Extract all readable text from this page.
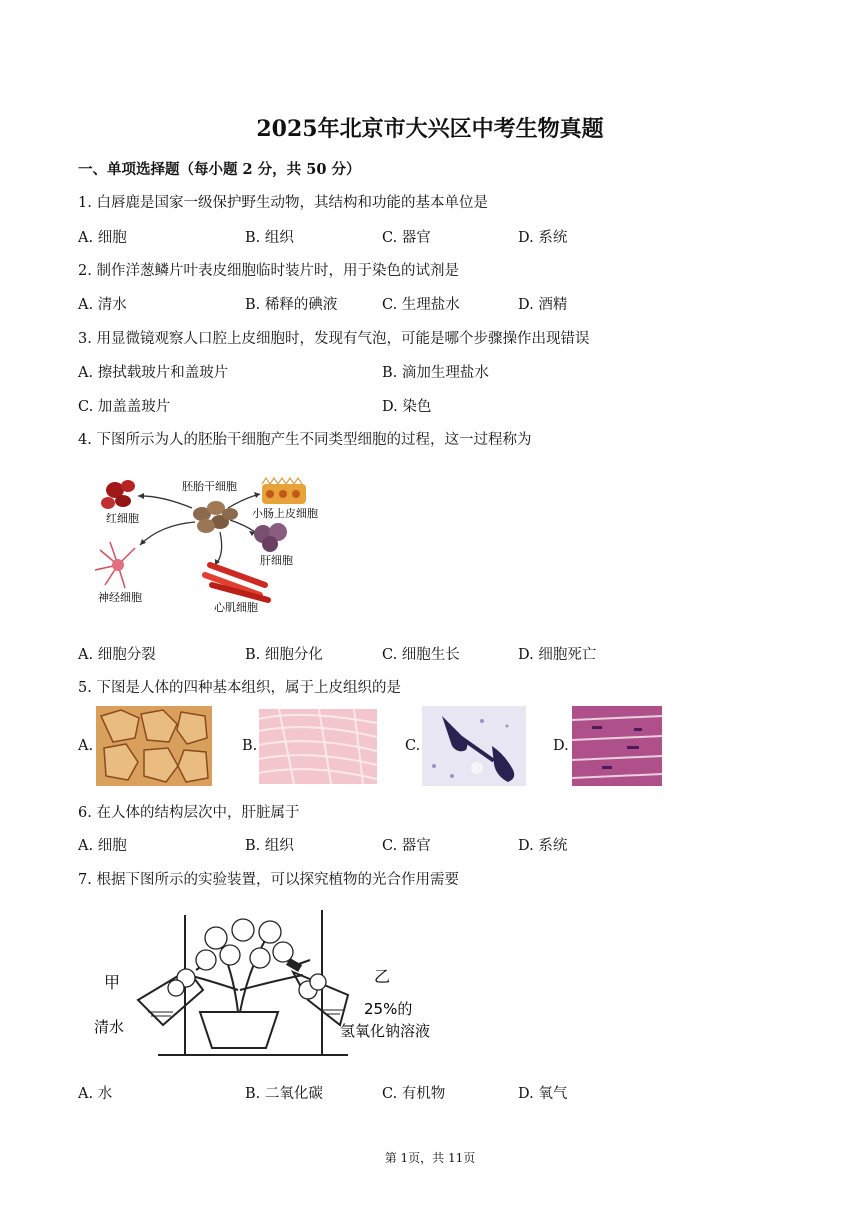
2025年北京市大兴区中考生物真题
一、单项选择题（每小题 2 分，共 50 分）
1. 白唇鹿是国家一级保护野生动物，其结构和功能的基本单位是
A. 细胞	B. 组织	C. 器官	D. 系统
2. 制作洋葱鳞片叶表皮细胞临时装片时，用于染色的试剂是
A. 清水	B. 稀释的碘液	C. 生理盐水	D. 酒精
3. 用显微镜观察人口腔上皮细胞时，发现有气泡，可能是哪个步骤操作出现错误
A. 擦拭载玻片和盖玻片	B. 滴加生理盐水
C. 加盖盖玻片	D. 染色
4. 下图所示为人的胚胎干细胞产生不同类型细胞的过程，这一过程称为
胚胎干细胞
红细胞	小肠上皮细胞
肝细胞
神经细胞
心肌细胞
A. 细胞分裂	B. 细胞分化	C. 细胞生长	D. 细胞死亡
5. 下图是人体的四种基本组织，属于上皮组织的是
A.	B.	C.	D.
6. 在人体的结构层次中，肝脏属于
A. 细胞	B. 组织	C. 器官	D. 系统
7. 根据下图所示的实验装置，可以探究植物的光合作用需要
甲	乙
清水
25%的
氢氧化钠溶液
A. 水	B. 二氧化碳	C. 有机物	D. 氧气
第 1页，共 11页
